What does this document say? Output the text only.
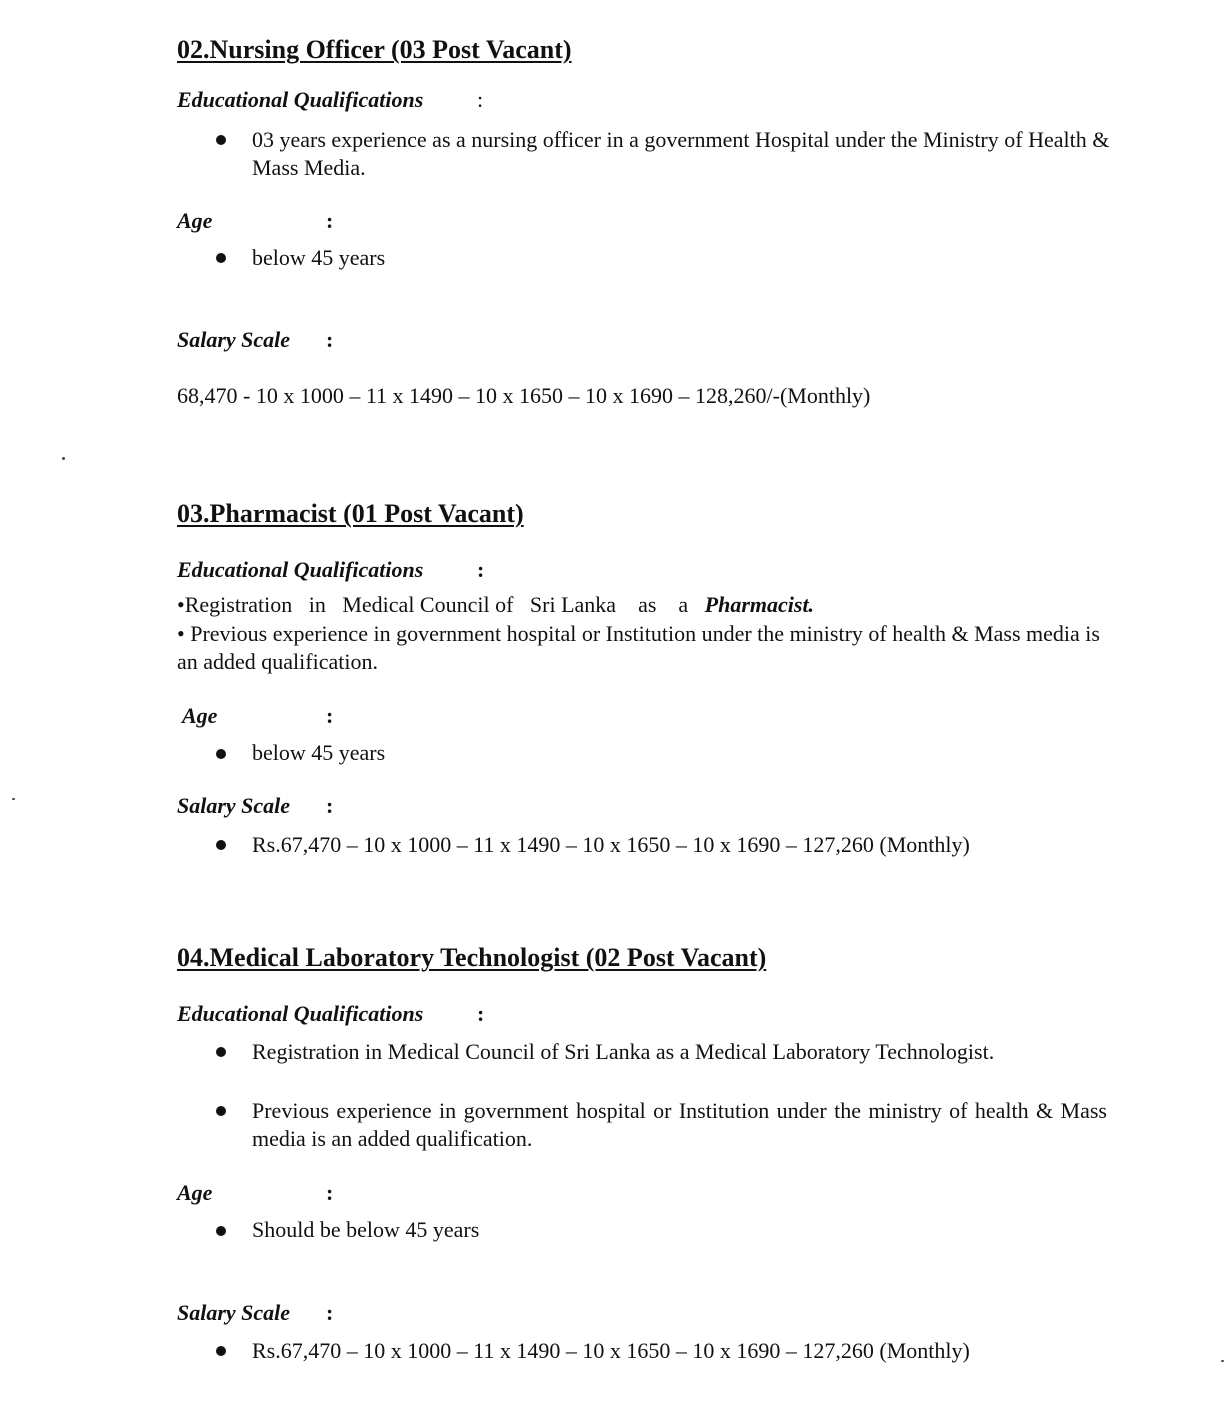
02.Nursing Officer (03 Post Vacant)
Educational Qualifications :
03 years experience as a nursing officer in a government Hospital under the Ministry of Health & Mass Media.
Age	:
below 45 years
Salary Scale :
68,470 - 10 x 1000 – 11 x 1490 – 10 x 1650 – 10 x 1690 – 128,260/-(Monthly)
03.Pharmacist (01 Post Vacant)
Educational Qualifications :
•Registration   in   Medical Council of   Sri Lanka    as    a   Pharmacist.
• Previous experience in government hospital or Institution under the ministry of health & Mass media is an added qualification.
Age	:
below 45 years
Salary Scale :
Rs.67,470 – 10 x 1000 – 11 x 1490 – 10 x 1650 – 10 x 1690 – 127,260 (Monthly)
04.Medical Laboratory Technologist (02 Post Vacant)
Educational Qualifications :
Registration in Medical Council of Sri Lanka as a Medical Laboratory Technologist.
Previous experience in government hospital or Institution under the ministry of health & Mass media is an added qualification.
Age	:
Should be below 45 years
Salary Scale :
Rs.67,470 – 10 x 1000 – 11 x 1490 – 10 x 1650 – 10 x 1690 – 127,260 (Monthly)
